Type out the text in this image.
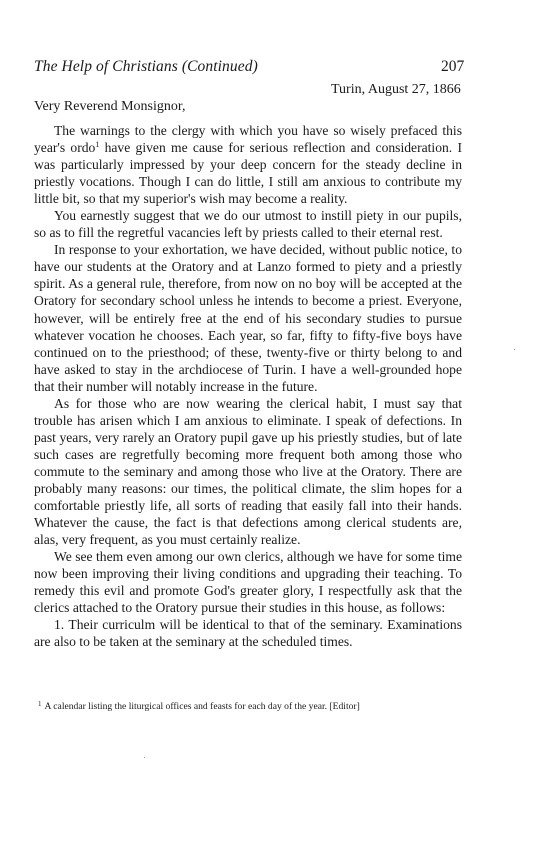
The Help of Christians (Continued)	207
Turin, August 27, 1866
Very Reverend Monsignor,

The warnings to the clergy with which you have so wisely prefaced this year's ordo$^1$ have given me cause for serious reflection and consideration. I was particularly impressed by your deep concern for the steady decline in priestly vocations. Though I can do little, I still am anxious to contribute my little bit, so that my superior's wish may become a reality.

You earnestly suggest that we do our utmost to instill piety in our pupils, so as to fill the regretful vacancies left by priests called to their eternal rest.

In response to your exhortation, we have decided, without public notice, to have our students at the Oratory and at Lanzo formed to piety and a priestly spirit. As a general rule, therefore, from now on no boy will be accepted at the Oratory for secondary school unless he intends to become a priest. Everyone, however, will be entirely free at the end of his secondary studies to pursue whatever vocation he chooses. Each year, so far, fifty to fifty-five boys have continued on to the priesthood; of these, twenty-five or thirty belong to and have asked to stay in the archdiocese of Turin. I have a well-grounded hope that their number will notably increase in the future.

As for those who are now wearing the clerical habit, I must say that trouble has arisen which I am anxious to eliminate. I speak of defections. In past years, very rarely an Oratory pupil gave up his priestly studies, but of late such cases are regretfully becoming more frequent both among those who commute to the seminary and among those who live at the Oratory. There are probably many reasons: our times, the political climate, the slim hopes for a comfortable priestly life, all sorts of reading that easily fall into their hands. Whatever the cause, the fact is that defections among clerical students are, alas, very frequent, as you must certainly realize.

We see them even among our own clerics, although we have for some time now been improving their living conditions and upgrading their teaching. To remedy this evil and promote God's greater glory, I respectfully ask that the clerics attached to the Oratory pursue their studies in this house, as follows:

1. Their curriculm will be identical to that of the seminary. Examinations are also to be taken at the seminary at the scheduled times.

$^1$ A calendar listing the liturgical offices and feasts for each day of the year. [Editor]
